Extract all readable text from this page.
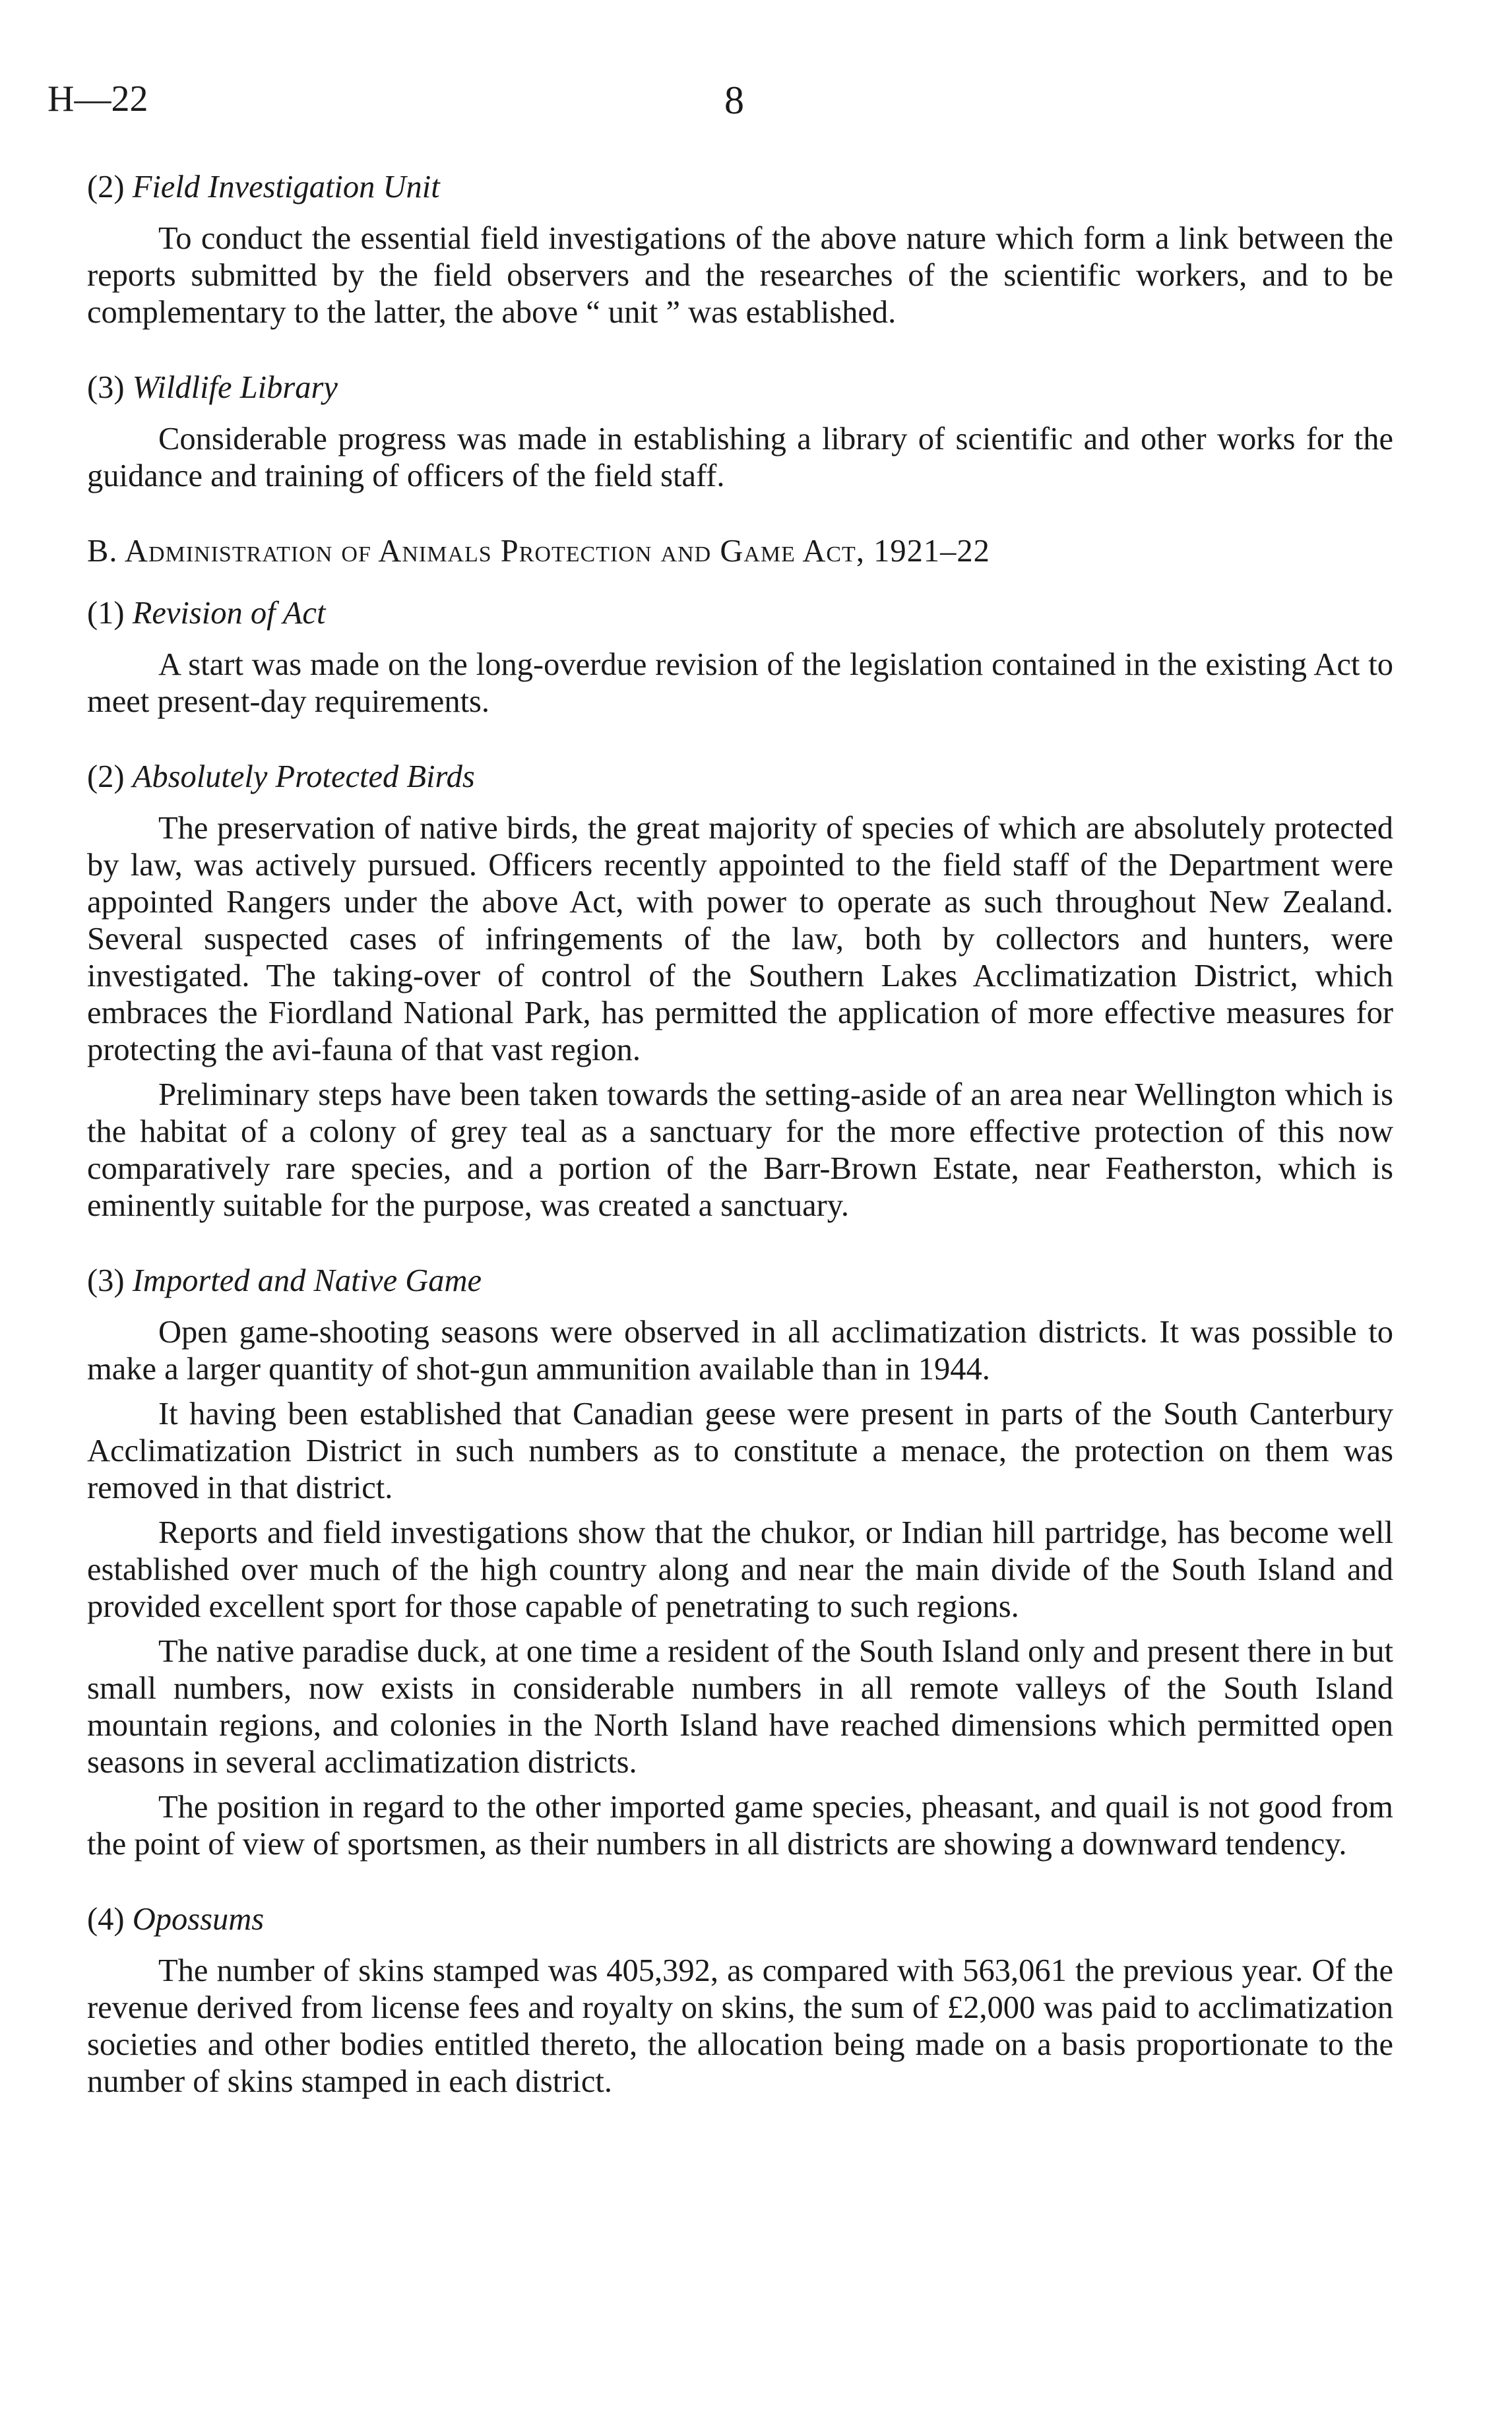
H—22	8
(2) Field Investigation Unit

To conduct the essential field investigations of the above nature which form a link between the reports submitted by the field observers and the researches of the scientific workers, and to be complementary to the latter, the above “ unit ” was established.

(3) Wildlife Library

Considerable progress was made in establishing a library of scientific and other works for the guidance and training of officers of the field staff.

B. Administration of Animals Protection and Game Act, 1921–22
(1) Revision of Act

A start was made on the long-overdue revision of the legislation contained in the existing Act to meet present-day requirements.

(2) Absolutely Protected Birds

The preservation of native birds, the great majority of species of which are absolutely protected by law, was actively pursued. Officers recently appointed to the field staff of the Department were appointed Rangers under the above Act, with power to operate as such throughout New Zealand. Several suspected cases of infringements of the law, both by collectors and hunters, were investigated. The taking-over of control of the Southern Lakes Acclimatization District, which embraces the Fiordland National Park, has permitted the application of more effective measures for protecting the avi-fauna of that vast region.

Preliminary steps have been taken towards the setting-aside of an area near Wellington which is the habitat of a colony of grey teal as a sanctuary for the more effective protection of this now comparatively rare species, and a portion of the Barr-Brown Estate, near Featherston, which is eminently suitable for the purpose, was created a sanctuary.

(3) Imported and Native Game

Open game-shooting seasons were observed in all acclimatization districts. It was possible to make a larger quantity of shot-gun ammunition available than in 1944.

It having been established that Canadian geese were present in parts of the South Canterbury Acclimatization District in such numbers as to constitute a menace, the protection on them was removed in that district.

Reports and field investigations show that the chukor, or Indian hill partridge, has become well established over much of the high country along and near the main divide of the South Island and provided excellent sport for those capable of penetrating to such regions.

The native paradise duck, at one time a resident of the South Island only and present there in but small numbers, now exists in considerable numbers in all remote valleys of the South Island mountain regions, and colonies in the North Island have reached dimensions which permitted open seasons in several acclimatization districts.

The position in regard to the other imported game species, pheasant, and quail is not good from the point of view of sportsmen, as their numbers in all districts are showing a downward tendency.

(4) Opossums

The number of skins stamped was 405,392, as compared with 563,061 the previous year. Of the revenue derived from license fees and royalty on skins, the sum of £2,000 was paid to acclimatization societies and other bodies entitled thereto, the allocation being made on a basis proportionate to the number of skins stamped in each district.
